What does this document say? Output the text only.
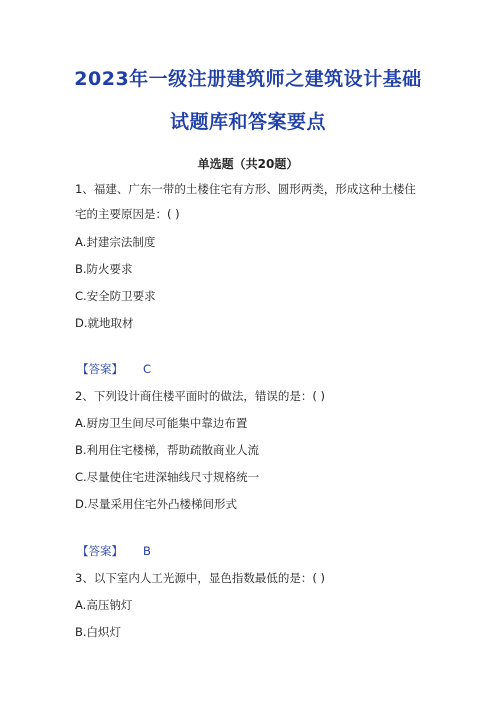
2023年一级注册建筑师之建筑设计基础
试题库和答案要点
单选题（共20题）
1、福建、广东一带的土楼住宅有方形、圆形两类，形成这种土楼住
宅的主要原因是：( )
A.封建宗法制度
B.防火要求
C.安全防卫要求
D.就地取材
【答案】 C
2、下列设计商住楼平面时的做法，错误的是：( )
A.厨房卫生间尽可能集中靠边布置
B.利用住宅楼梯，帮助疏散商业人流
C.尽量使住宅进深轴线尺寸规格统一
D.尽量采用住宅外凸楼梯间形式
【答案】 B
3、以下室内人工光源中，显色指数最低的是：( )
A.高压钠灯
B.白炽灯
